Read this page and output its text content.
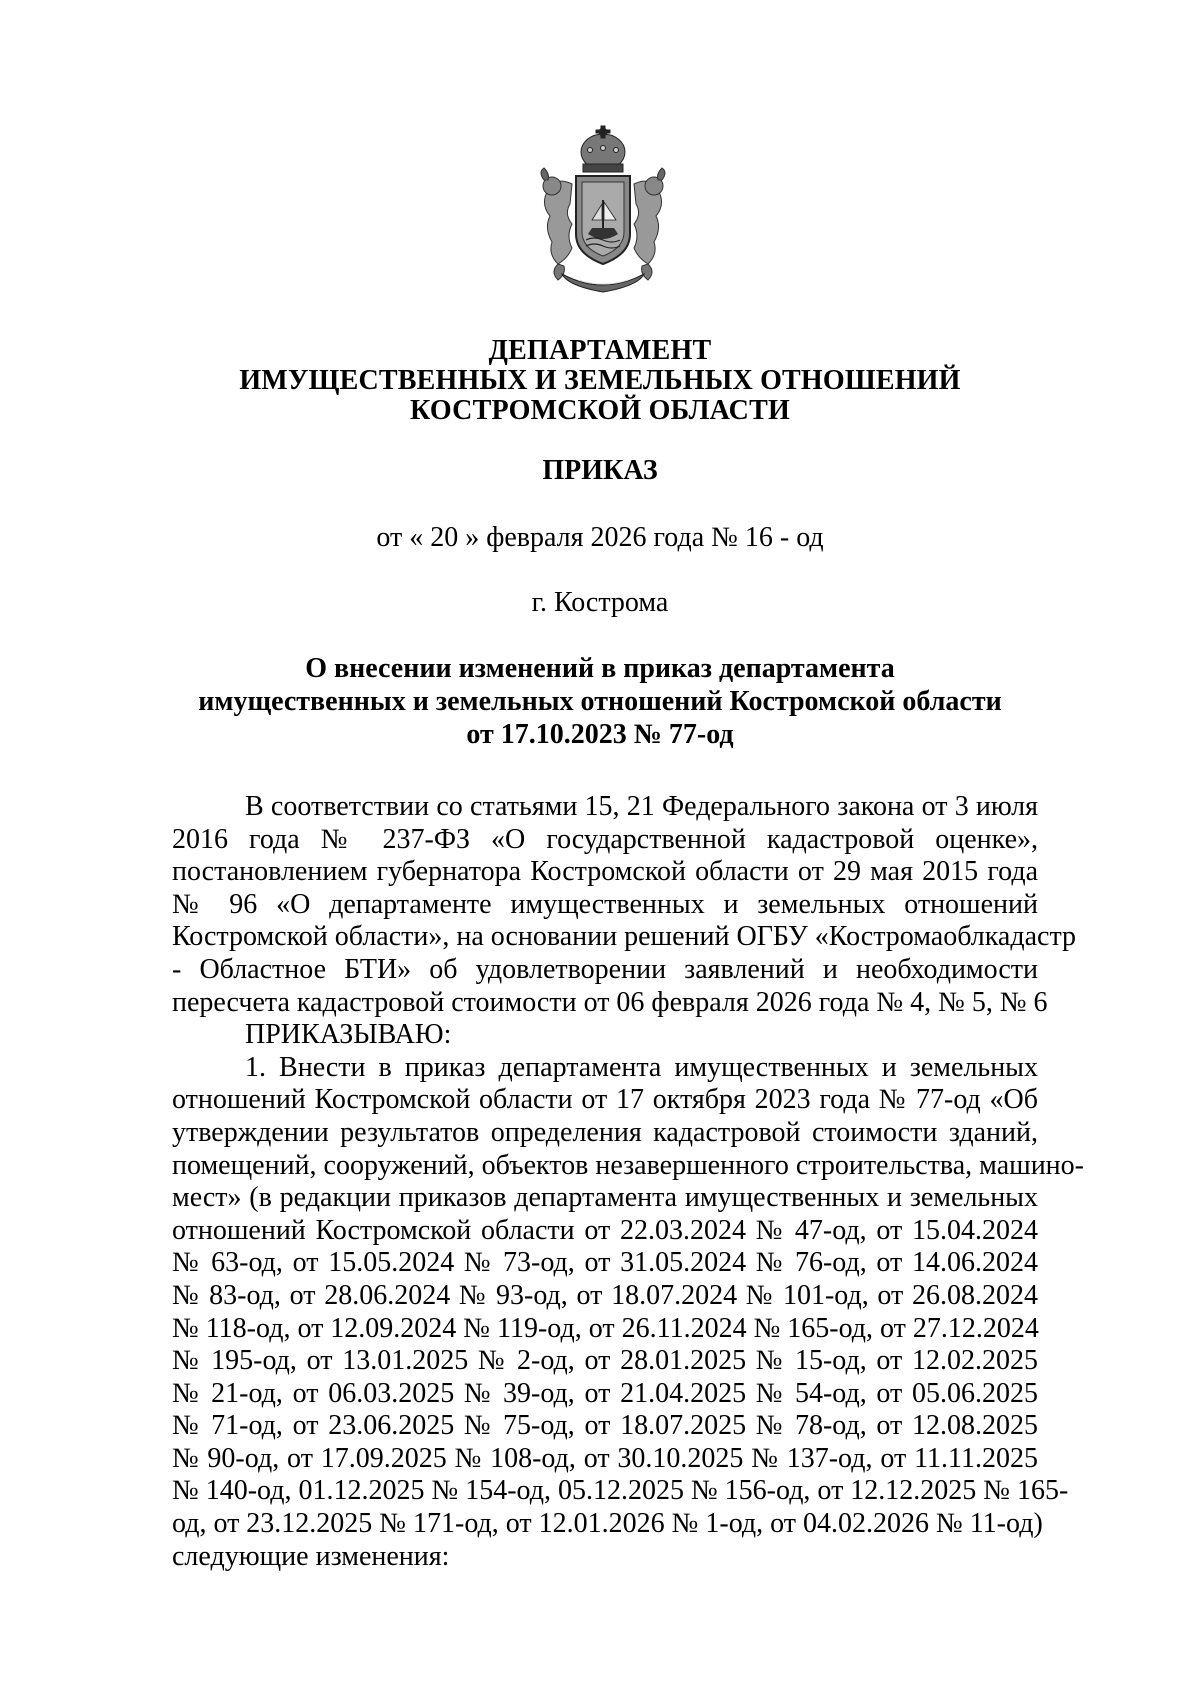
ДЕПАРТАМЕНТ
ИМУЩЕСТВЕННЫХ И ЗЕМЕЛЬНЫХ ОТНОШЕНИЙ
КОСТРОМСКОЙ ОБЛАСТИ
ПРИКАЗ
от « 20 » февраля 2026 года № 16 - од
г. Кострома
О внесении изменений в приказ департамента
имущественных и земельных отношений Костромской области
от 17.10.2023 № 77-од
В соответствии со статьями 15, 21 Федерального закона от 3 июля
2016 года № 237-ФЗ «О государственной кадастровой оценке»,
постановлением губернатора Костромской области от 29 мая 2015 года
№ 96 «О департаменте имущественных и земельных отношений
Костромской области», на основании решений ОГБУ «Костромаоблкадастр
- Областное БТИ» об удовлетворении заявлений и необходимости
пересчета кадастровой стоимости от 06 февраля 2026 года № 4, № 5, № 6
ПРИКАЗЫВАЮ:
1. Внести в приказ департамента имущественных и земельных
отношений Костромской области от 17 октября 2023 года № 77-од «Об
утверждении результатов определения кадастровой стоимости зданий,
помещений, сооружений, объектов незавершенного строительства, машино-
мест» (в редакции приказов департамента имущественных и земельных
отношений Костромской области от 22.03.2024 № 47-од, от 15.04.2024
№ 63-од, от 15.05.2024 № 73-од, от 31.05.2024 № 76-од, от 14.06.2024
№ 83-од, от 28.06.2024 № 93-од, от 18.07.2024 № 101-од, от 26.08.2024
№ 118-од, от 12.09.2024 № 119-од, от 26.11.2024 № 165-од, от 27.12.2024
№ 195-од, от 13.01.2025 № 2-од, от 28.01.2025 № 15-од, от 12.02.2025
№ 21-од, от 06.03.2025 № 39-од, от 21.04.2025 № 54-од, от 05.06.2025
№ 71-од, от 23.06.2025 № 75-од, от 18.07.2025 № 78-од, от 12.08.2025
№ 90-од, от 17.09.2025 № 108-од, от 30.10.2025 № 137-од, от 11.11.2025
№ 140-од, 01.12.2025 № 154-од, 05.12.2025 № 156-од, от 12.12.2025 № 165-
од, от 23.12.2025 № 171-од, от 12.01.2026 № 1-од, от 04.02.2026 № 11-од)
следующие изменения:
